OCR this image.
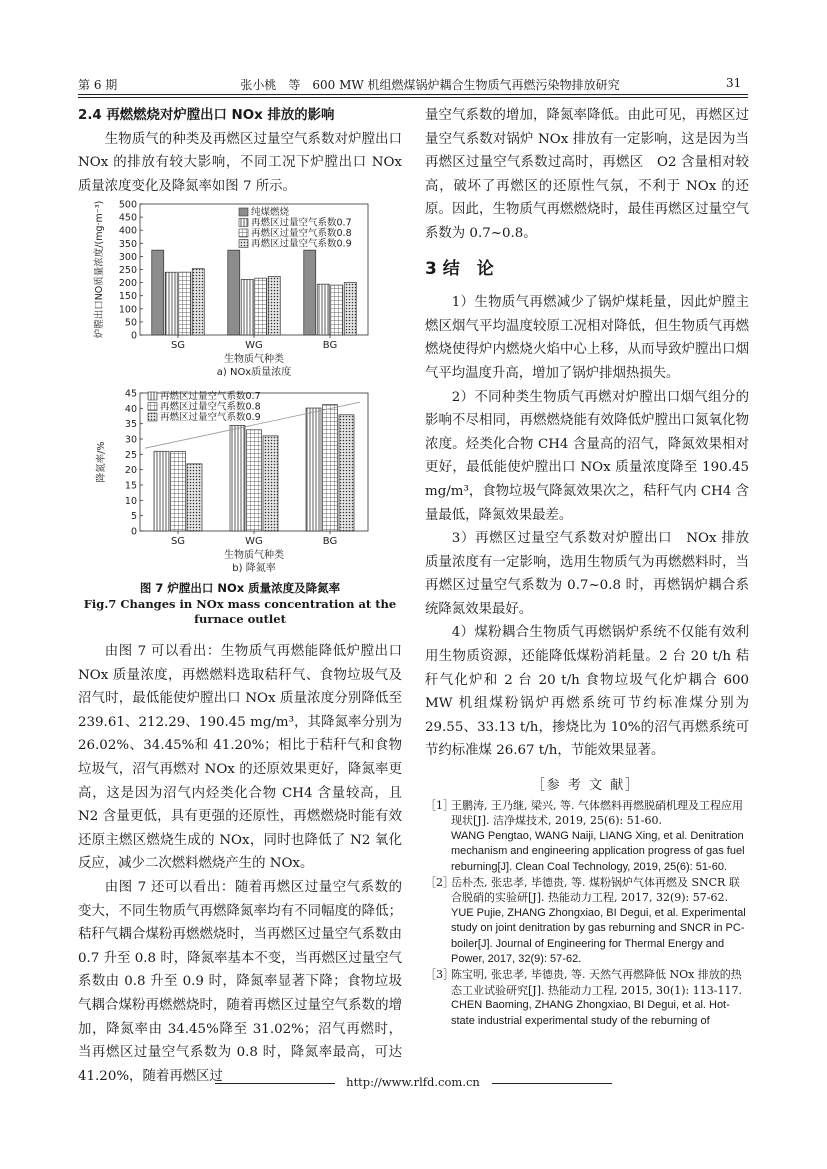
第 6 期	张小桃　等　600 MW 机组燃煤锅炉耦合生物质气再燃污染物排放研究	31

2.4 再燃燃烧对炉膛出口 NOx 排放的影响

生物质气的种类及再燃区过量空气系数对炉膛出口 NOx 的排放有较大影响，不同工况下炉膛出口 NOx 质量浓度变化及降氮率如图 7 所示。

0
50
100
150
200
250
300
350
400
450
500
SG	WG	BG
纯煤燃烧
再燃区过量空气系数0.7
再燃区过量空气系数0.8
再燃区过量空气系数0.9
生物质气种类
a) NOx质量浓度
炉膛出口NO质量浓度/(mg·m⁻³)
0
5
10
15
20
25
30
35
40
45
SG	WG	BG
再燃区过量空气系数0.7
再燃区过量空气系数0.8
再燃区过量空气系数0.9
生物质气种类
b) 降氮率
降氮率/%
图 7 炉膛出口 NOx 质量浓度及降氮率
Fig.7 Changes in NOx mass concentration at the furnace outlet

由图 7 可以看出：生物质气再燃能降低炉膛出口 NOx 质量浓度，再燃燃料选取秸秆气、食物垃圾气及沼气时，最低能使炉膛出口 NOx 质量浓度分别降低至 239.61、212.29、190.45 mg/m³，其降氮率分别为 26.02%、34.45%和 41.20%；相比于秸秆气和食物垃圾气，沼气再燃对 NOx 的还原效果更好，降氮率更高，这是因为沼气内烃类化合物 CH4 含量较高，且 N2 含量更低，具有更强的还原性，再燃燃烧时能有效还原主燃区燃烧生成的 NOx，同时也降低了 N2 氧化反应，减少二次燃料燃烧产生的 NOx。

由图 7 还可以看出：随着再燃区过量空气系数的变大，不同生物质气再燃降氮率均有不同幅度的降低；秸秆气耦合煤粉再燃燃烧时，当再燃区过量空气系数由 0.7 升至 0.8 时，降氮率基本不变，当再燃区过量空气系数由 0.8 升至 0.9 时，降氮率显著下降；食物垃圾气耦合煤粉再燃燃烧时，随着再燃区过量空气系数的增加，降氮率由 34.45%降至 31.02%；沼气再燃时，当再燃区过量空气系数为 0.8 时，降氮率最高，可达 41.20%，随着再燃区过

量空气系数的增加，降氮率降低。由此可见，再燃区过量空气系数对锅炉 NOx 排放有一定影响，这是因为当再燃区过量空气系数过高时，再燃区　O2 含量相对较高，破坏了再燃区的还原性气氛，不利于 NOx 的还原。因此，生物质气再燃燃烧时，最佳再燃区过量空气系数为 0.7~0.8。

3 结　论

1）生物质气再燃减少了锅炉煤耗量，因此炉膛主燃区烟气平均温度较原工况相对降低，但生物质气再燃燃烧使得炉内燃烧火焰中心上移，从而导致炉膛出口烟气平均温度升高，增加了锅炉排烟热损失。

2）不同种类生物质气再燃对炉膛出口烟气组分的影响不尽相同，再燃燃烧能有效降低炉膛出口氮氧化物浓度。烃类化合物 CH4 含量高的沼气，降氮效果相对更好，最低能使炉膛出口 NOx 质量浓度降至 190.45 mg/m³，食物垃圾气降氮效果次之，秸秆气内 CH4 含量最低，降氮效果最差。

3）再燃区过量空气系数对炉膛出口　NOx 排放质量浓度有一定影响，选用生物质气为再燃燃料时，当再燃区过量空气系数为 0.7~0.8 时，再燃锅炉耦合系统降氮效果最好。

4）煤粉耦合生物质气再燃锅炉系统不仅能有效利用生物质资源，还能降低煤粉消耗量。2 台 20 t/h 秸秆气化炉和 2 台 20 t/h 食物垃圾气化炉耦合 600 MW 机组煤粉锅炉再燃系统可节约标准煤分别为 29.55、33.13 t/h，掺烧比为 10%的沼气再燃系统可节约标准煤 26.67 t/h，节能效果显著。

［参 考 文 献］
［1］
王鹏涛, 王乃继, 梁兴, 等. 气体燃料再燃脱硝机理及工程应用现状[J]. 洁净煤技术, 2019, 25(6): 51-60.
WANG Pengtao, WANG Naiji, LIANG Xing, et al. Denitration mechanism and engineering application progress of gas fuel reburning[J]. Clean Coal Technology, 2019, 25(6): 51-60.
［2］
岳朴杰, 张忠孝, 毕德贵, 等. 煤粉锅炉气体再燃及 SNCR 联合脱硝的实验研[J]. 热能动力工程, 2017, 32(9): 57-62.
YUE Pujie, ZHANG Zhongxiao, BI Degui, et al. Experimental study on joint denitration by gas reburning and SNCR in PC-boiler[J]. Journal of Engineering for Thermal Energy and Power, 2017, 32(9): 57-62.
［3］
陈宝明, 张忠孝, 毕德贵, 等. 天然气再燃降低 NOx 排放的热态工业试验研究[J]. 热能动力工程, 2015, 30(1): 113-117.
CHEN Baoming, ZHANG Zhongxiao, BI Degui, et al. Hot-state industrial experimental study of the reburning of
http://www.rlfd.com.cn
